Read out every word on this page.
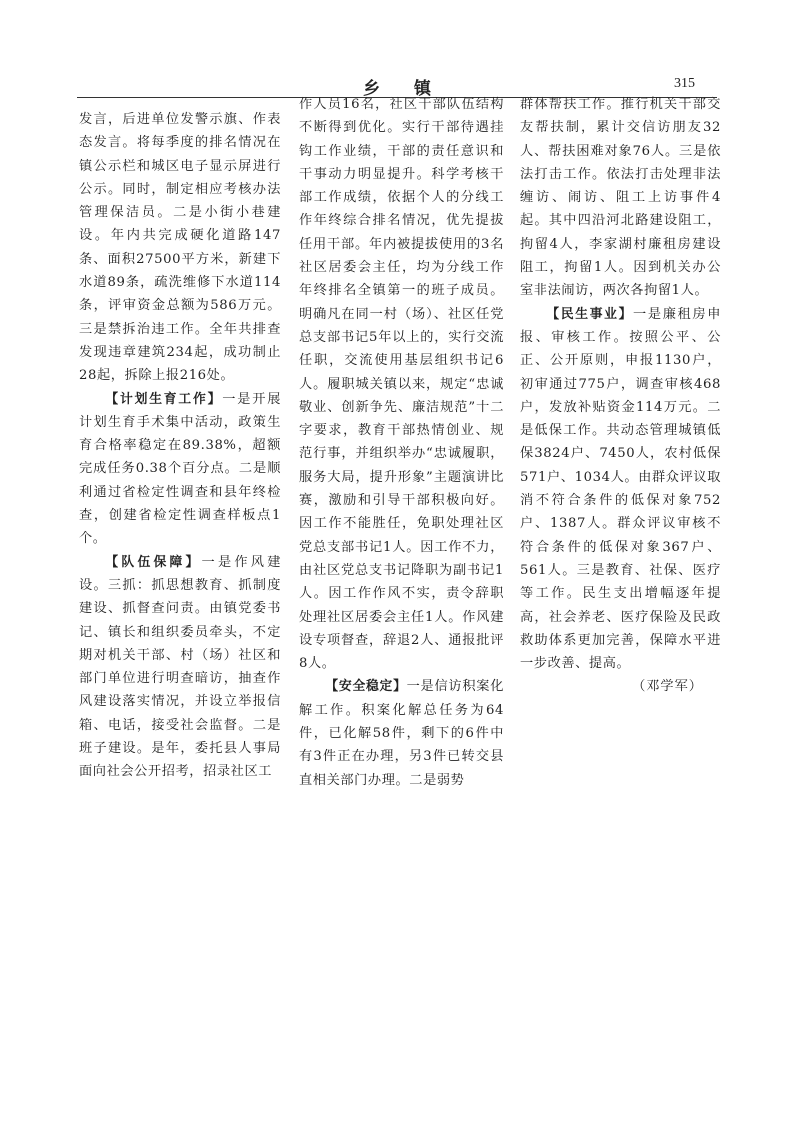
乡　　镇	315

发言，后进单位发警示旗、作表态发言。将每季度的排名情况在镇公示栏和城区电子显示屏进行公示。同时，制定相应考核办法管理保洁员。二是小街小巷建设。年内共完成硬化道路147条、面积27500平方米，新建下水道89条，疏洗维修下水道114条，评审资金总额为586万元。三是禁拆治违工作。全年共排查发现违章建筑234起，成功制止28起，拆除上报216处。

【计划生育工作】一是开展计划生育手术集中活动，政策生育合格率稳定在89.38%，超额完成任务0.38个百分点。二是顺利通过省检定性调查和县年终检查，创建省检定性调查样板点1个。

【队伍保障】一是作风建设。三抓：抓思想教育、抓制度建设、抓督查问责。由镇党委书记、镇长和组织委员牵头，不定期对机关干部、村（场）社区和部门单位进行明查暗访，抽查作风建设落实情况，并设立举报信箱、电话，接受社会监督。二是班子建设。是年，委托县人事局面向社会公开招考，招录社区工

作人员16名，社区干部队伍结构不断得到优化。实行干部待遇挂钩工作业绩，干部的责任意识和干事动力明显提升。科学考核干部工作成绩，依据个人的分线工作年终综合排名情况，优先提拔任用干部。年内被提拔使用的3名社区居委会主任，均为分线工作年终排名全镇第一的班子成员。明确凡在同一村（场）、社区任党总支部书记5年以上的，实行交流任职，交流使用基层组织书记6人。履职城关镇以来，规定“忠诚敬业、创新争先、廉洁规范”十二字要求，教育干部热情创业、规范行事，并组织举办“忠诚履职，服务大局，提升形象”主题演讲比赛，激励和引导干部积极向好。因工作不能胜任，免职处理社区党总支部书记1人。因工作不力，由社区党总支书记降职为副书记1人。因工作作风不实，责令辞职处理社区居委会主任1人。作风建设专项督查，辞退2人、通报批评8人。

【安全稳定】一是信访积案化解工作。积案化解总任务为64件，已化解58件，剩下的6件中有3件正在办理，另3件已转交县直相关部门办理。二是弱势

群体帮扶工作。推行机关干部交友帮扶制，累计交信访朋友32人、帮扶困难对象76人。三是依法打击工作。依法打击处理非法缠访、闹访、阻工上访事件4起。其中四沿河北路建设阻工，拘留4人，李家湖村廉租房建设阻工，拘留1人。因到机关办公室非法闹访，两次各拘留1人。

【民生事业】一是廉租房申报、审核工作。按照公平、公正、公开原则，申报1130户，初审通过775户，调查审核468户，发放补贴资金114万元。二是低保工作。共动态管理城镇低保3824户、7450人，农村低保571户、1034人。由群众评议取消不符合条件的低保对象752户、1387人。群众评议审核不符合条件的低保对象367户、561人。三是教育、社保、医疗等工作。民生支出增幅逐年提高，社会养老、医疗保险及民政救助体系更加完善，保障水平进一步改善、提高。

（邓学军）
